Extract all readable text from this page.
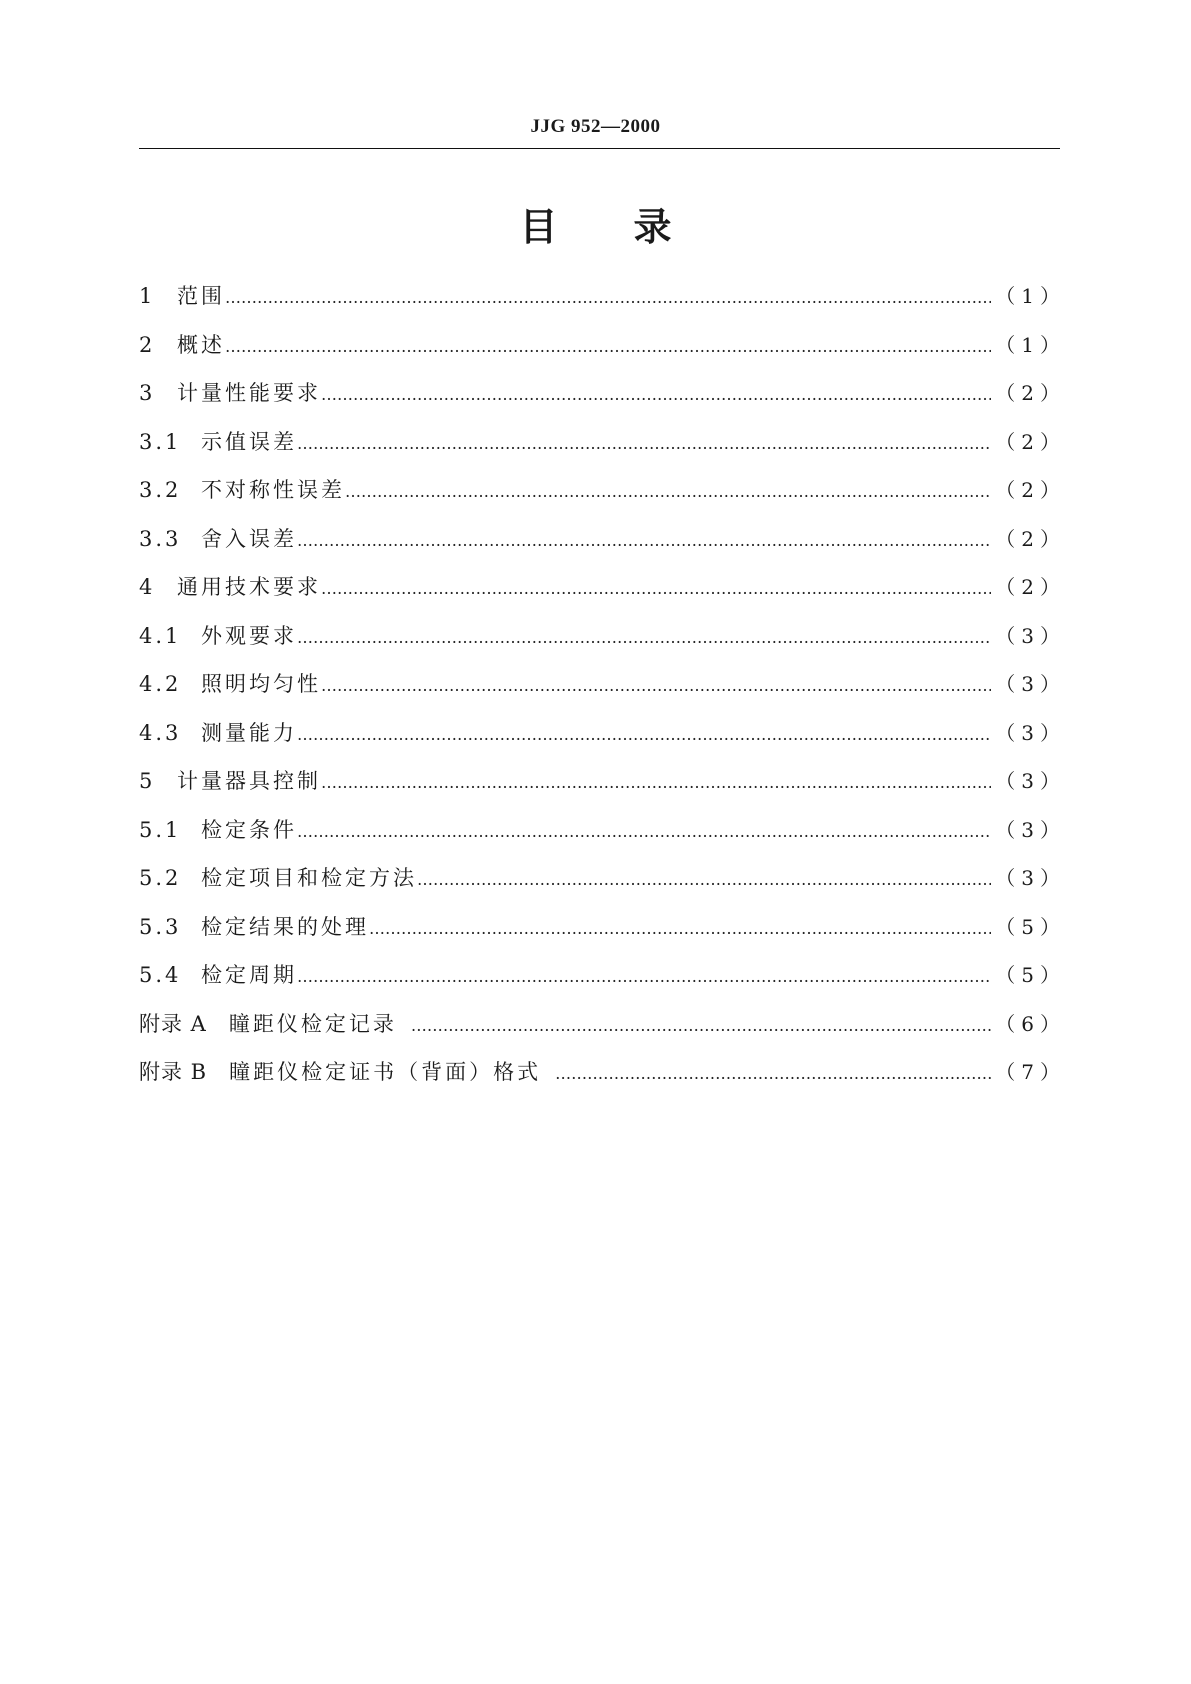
JJG 952—2000
目 录
1	范围 …………………………………………………………………………………………………………………………………………………………………………………………………	（1）
2	概述 …………………………………………………………………………………………………………………………………………………………………………………………………	（1）
3	计量性能要求 …………………………………………………………………………………………………………………………………………………………………………………………………	（2）
3.1 示值误差 …………………………………………………………………………………………………………………………………………………………………………………………………	（2）
3.2 不对称性误差 …………………………………………………………………………………………………………………………………………………………………………………………………	（2）
3.3 舍入误差 …………………………………………………………………………………………………………………………………………………………………………………………………	（2）
4	通用技术要求 …………………………………………………………………………………………………………………………………………………………………………………………………	（2）
4.1 外观要求 …………………………………………………………………………………………………………………………………………………………………………………………………	（3）
4.2 照明均匀性 …………………………………………………………………………………………………………………………………………………………………………………………………	（3）
4.3 测量能力 …………………………………………………………………………………………………………………………………………………………………………………………………	（3）
5	计量器具控制 …………………………………………………………………………………………………………………………………………………………………………………………………	（3）
5.1 检定条件 …………………………………………………………………………………………………………………………………………………………………………………………………	（3）
5.2 检定项目和检定方法 …………………………………………………………………………………………………………………………………………………………………………………………………	（3）
5.3 检定结果的处理 …………………………………………………………………………………………………………………………………………………………………………………………………	（5）
5.4 检定周期 …………………………………………………………………………………………………………………………………………………………………………………………………	（5）
附录 A 瞳距仪检定记录 …………………………………………………………………………………………………………………………………………………………………………………………………	（6）
附录 B 瞳距仪检定证书（背面）格式 …………………………………………………………………………………………………………………………………………………………………………………………………	（7）
